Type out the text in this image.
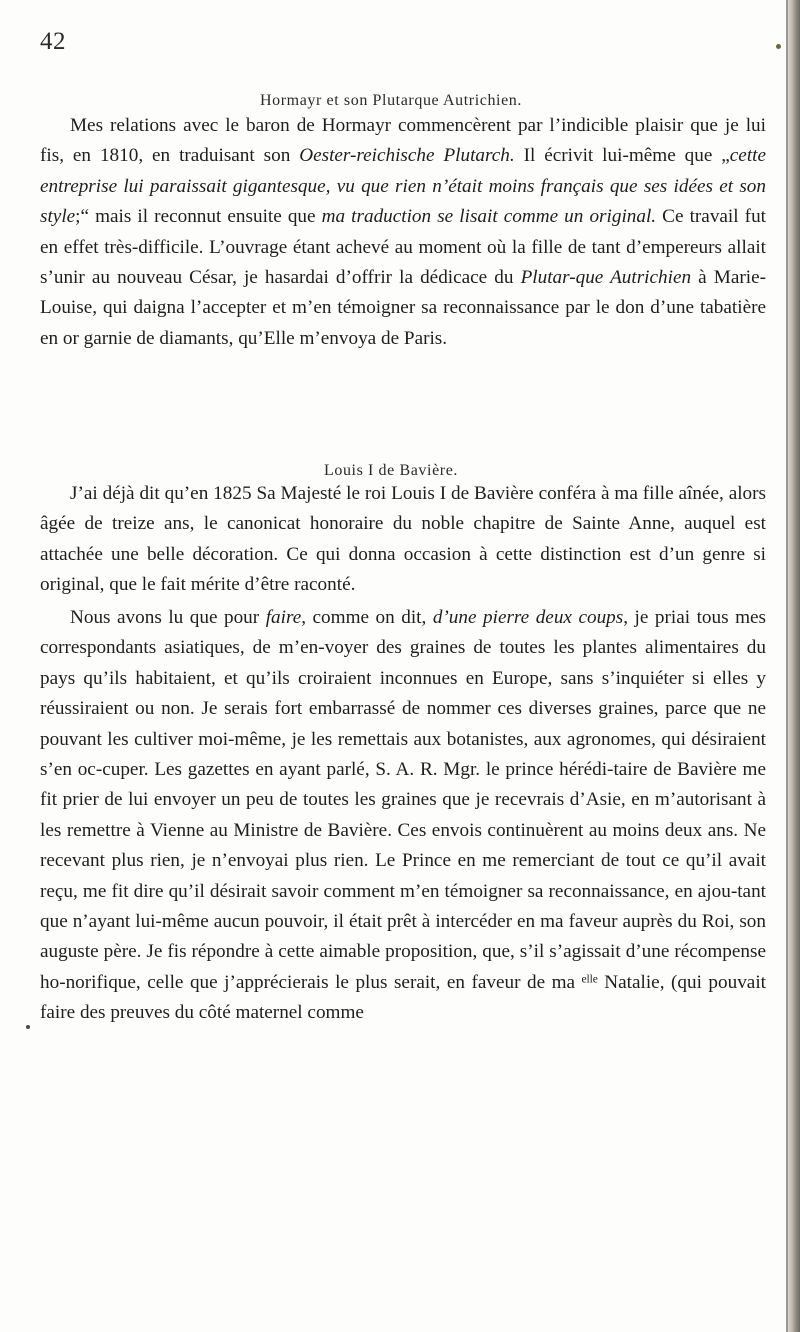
42
Hormayr et son Plutarque Autrichien.
Mes relations avec le baron de Hormayr commencèrent par l’indicible plaisir que je lui fis, en 1810, en traduisant son Oester-reichische Plutarch. Il écrivit lui-même que „cette entreprise lui paraissait gigantesque, vu que rien n’était moins français que ses idées et son style;“ mais il reconnut ensuite que ma traduction se lisait comme un original. Ce travail fut en effet très-difficile. L’ouvrage étant achevé au moment où la fille de tant d’empereurs allait s’unir au nouveau César, je hasardai d’offrir la dédicace du Plutar-que Autrichien à Marie-Louise, qui daigna l’accepter et m’en témoigner sa reconnaissance par le don d’une tabatière en or garnie de diamants, qu’Elle m’envoya de Paris.
Louis I de Bavière.
J’ai déjà dit qu’en 1825 Sa Majesté le roi Louis I de Bavière conféra à ma fille aînée, alors âgée de treize ans, le canonicat honoraire du noble chapitre de Sainte Anne, auquel est attachée une belle décoration. Ce qui donna occasion à cette distinction est d’un genre si original, que le fait mérite d’être raconté.
Nous avons lu que pour faire, comme on dit, d’une pierre deux coups, je priai tous mes correspondants asiatiques, de m’en-voyer des graines de toutes les plantes alimentaires du pays qu’ils habitaient, et qu’ils croiraient inconnues en Europe, sans s’inquiéter si elles y réussiraient ou non. Je serais fort embarrassé de nommer ces diverses graines, parce que ne pouvant les cultiver moi-même, je les remettais aux botanistes, aux agronomes, qui désiraient s’en oc-cuper. Les gazettes en ayant parlé, S. A. R. Mgr. le prince hérédi-taire de Bavière me fit prier de lui envoyer un peu de toutes les graines que je recevrais d’Asie, en m’autorisant à les remettre à Vienne au Ministre de Bavière. Ces envois continuèrent au moins deux ans. Ne recevant plus rien, je n’envoyai plus rien. Le Prince en me remerciant de tout ce qu’il avait reçu, me fit dire qu’il désirait savoir comment m’en témoigner sa reconnaissance, en ajou-tant que n’ayant lui-même aucun pouvoir, il était prêt à intercéder en ma faveur auprès du Roi, son auguste père. Je fis répondre à cette aimable proposition, que, s’il s’agissait d’une récompense ho-norifique, celle que j’apprécierais le plus serait, en faveur de ma ᵉˡˡᵉ Natalie, (qui pouvait faire des preuves du côté maternel comme
